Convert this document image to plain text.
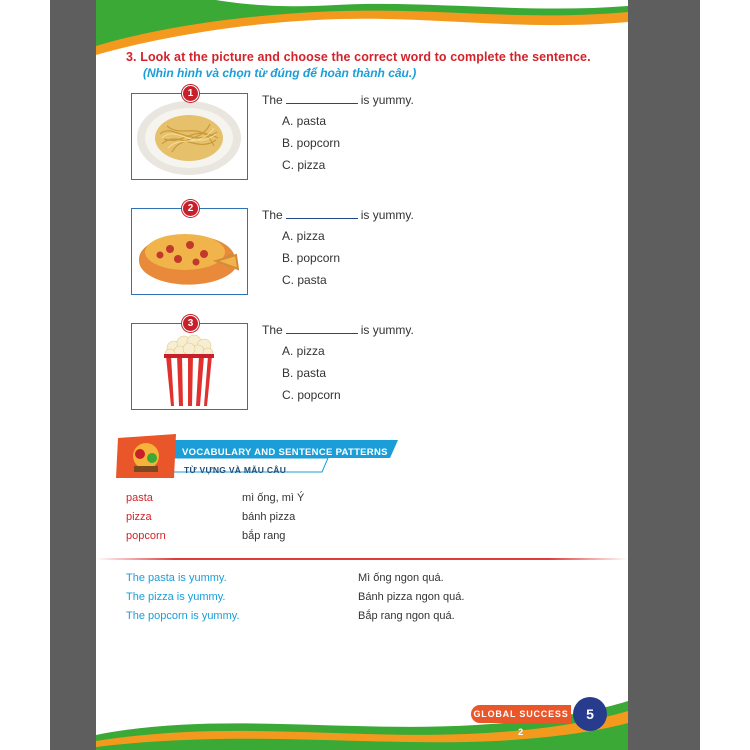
3. Look at the picture and choose the correct word to complete the sentence.
(Nhìn hình và chọn từ đúng để hoàn thành câu.)
1	The	is yummy.
A. pasta
B. popcorn
C. pizza
2	The	is yummy.
A. pizza
B. popcorn
C. pasta
3	The	is yummy.
A. pizza
B. pasta
C. popcorn
VOCABULARY AND SENTENCE PATTERNS
TỪ VỰNG VÀ MẪU CÂU
pasta	mì ống, mì Ý
pizza	bánh pizza
popcorn	bắp rang
The pasta is yummy.	Mì ống ngon quá.
The pizza is yummy.	Bánh pizza ngon quá.
The popcorn is yummy.	Bắp rang ngon quá.
GLOBAL SUCCESS 2
5
